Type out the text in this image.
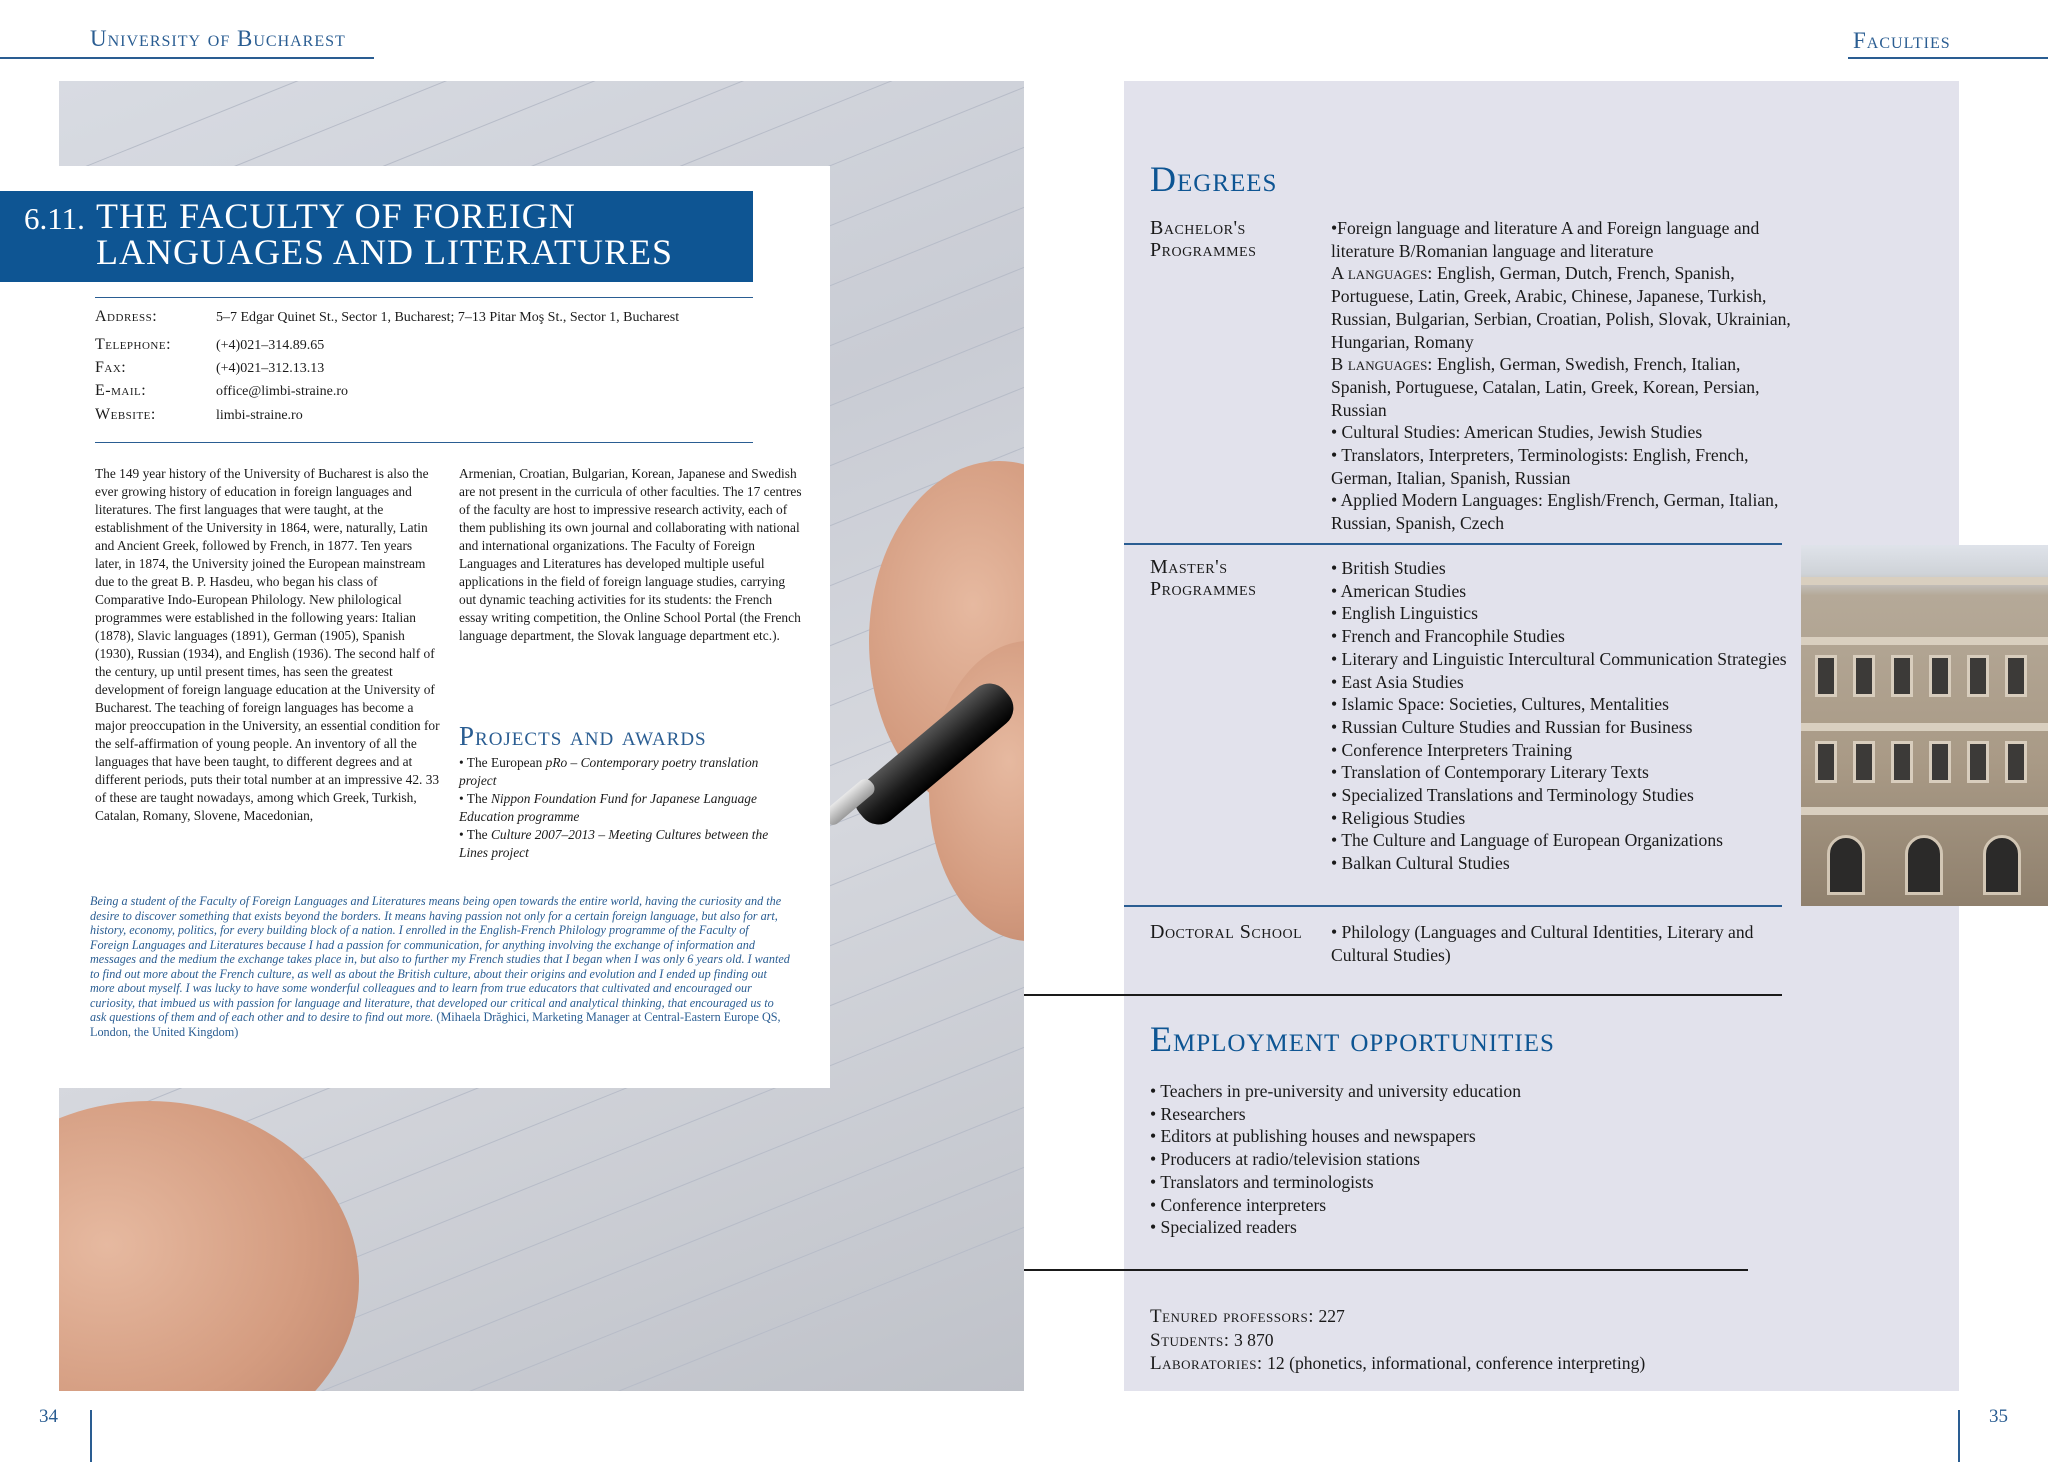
University of Bucharest	Faculties
6.11. THE FACULTY OF FOREIGN LANGUAGES AND LITERATURES
Address:	5–7 Edgar Quinet St., Sector 1, Bucharest; 7–13 Pitar Moş St., Sector 1, Bucharest
Telephone:	(+4)021–314.89.65
Fax:	(+4)021–312.13.13
E-mail:	office@limbi-straine.ro
Website:	limbi-straine.ro

The 149 year history of the University of Bucharest is also the ever growing history of education in foreign languages and literatures. The first languages that were taught, at the establishment of the University in 1864, were, naturally, Latin and Ancient Greek, followed by French, in 1877. Ten years later, in 1874, the University joined the European mainstream due to the great B. P. Hasdeu, who began his class of Comparative Indo-European Philology. New philological programmes were established in the following years: Italian (1878), Slavic languages (1891), German (1905), Spanish (1930), Russian (1934), and English (1936). The second half of the century, up until present times, has seen the greatest development of foreign language education at the University of Bucharest. The teaching of foreign languages has become a major preoccupation in the University, an essential condition for the self-affirmation of young people. An inventory of all the languages that have been taught, to different degrees and at different periods, puts their total number at an impressive 42. 33 of these are taught nowadays, among which Greek, Turkish, Catalan, Romany, Slovene, Macedonian,

Armenian, Croatian, Bulgarian, Korean, Japanese and Swedish are not present in the curricula of other faculties. The 17 centres of the faculty are host to impressive research activity, each of them publishing its own journal and collaborating with national and international organizations. The Faculty of Foreign Languages and Literatures has developed multiple useful applications in the field of foreign language studies, carrying out dynamic teaching activities for its students: the French essay writing competition, the Online School Portal (the French language department, the Slovak language department etc.).

Projects and awards
• The European pRo – Contemporary poetry translation project
• The Nippon Foundation Fund for Japanese Language Education programme
• The Culture 2007–2013 – Meeting Cultures between the Lines project
Being a student of the Faculty of Foreign Languages and Literatures means being open towards the entire world, having the curiosity and the desire to discover something that exists beyond the borders. It means having passion not only for a certain foreign language, but also for art, history, economy, politics, for every building block of a nation. I enrolled in the English-French Philology programme of the Faculty of Foreign Languages and Literatures because I had a passion for communication, for anything involving the exchange of information and messages and the medium the exchange takes place in, but also to further my French studies that I began when I was only 6 years old. I wanted to find out more about the French culture, as well as about the British culture, about their origins and evolution and I ended up finding out more about myself. I was lucky to have some wonderful colleagues and to learn from true educators that cultivated and encouraged our curiosity, that imbued us with passion for language and literature, that developed our critical and analytical thinking, that encouraged us to ask questions of them and of each other and to desire to find out more. (Mihaela Drăghici, Marketing Manager at Central-Eastern Europe QS, London, the United Kingdom)
Degrees
Bachelor's Programmes
•Foreign language and literature A and Foreign language and literature B/Romanian language and literature
A languages: English, German, Dutch, French, Spanish, Portuguese, Latin, Greek, Arabic, Chinese, Japanese, Turkish, Russian, Bulgarian, Serbian, Croatian, Polish, Slovak, Ukrainian, Hungarian, Romany
B languages: English, German, Swedish, French, Italian, Spanish, Portuguese, Catalan, Latin, Greek, Korean, Persian, Russian
• Cultural Studies: American Studies, Jewish Studies
• Translators, Interpreters, Terminologists: English, French, German, Italian, Spanish, Russian
• Applied Modern Languages: English/French, German, Italian, Russian, Spanish, Czech
Master's Programmes
• British Studies
• American Studies
• English Linguistics
• French and Francophile Studies
• Literary and Linguistic Intercultural Communication Strategies
• East Asia Studies
• Islamic Space: Societies, Cultures, Mentalities
• Russian Culture Studies and Russian for Business
• Conference Interpreters Training
• Translation of Contemporary Literary Texts
• Specialized Translations and Terminology Studies
• Religious Studies
• The Culture and Language of European Organizations
• Balkan Cultural Studies
Doctoral School	• Philology (Languages and Cultural Identities, Literary and Cultural Studies)
Employment opportunities
• Teachers in pre-university and university education
• Researchers
• Editors at publishing houses and newspapers
• Producers at radio/television stations
• Translators and terminologists
• Conference interpreters
• Specialized readers
Tenured professors: 227
Students: 3 870
Laboratories: 12 (phonetics, informational, conference interpreting)
34	35
